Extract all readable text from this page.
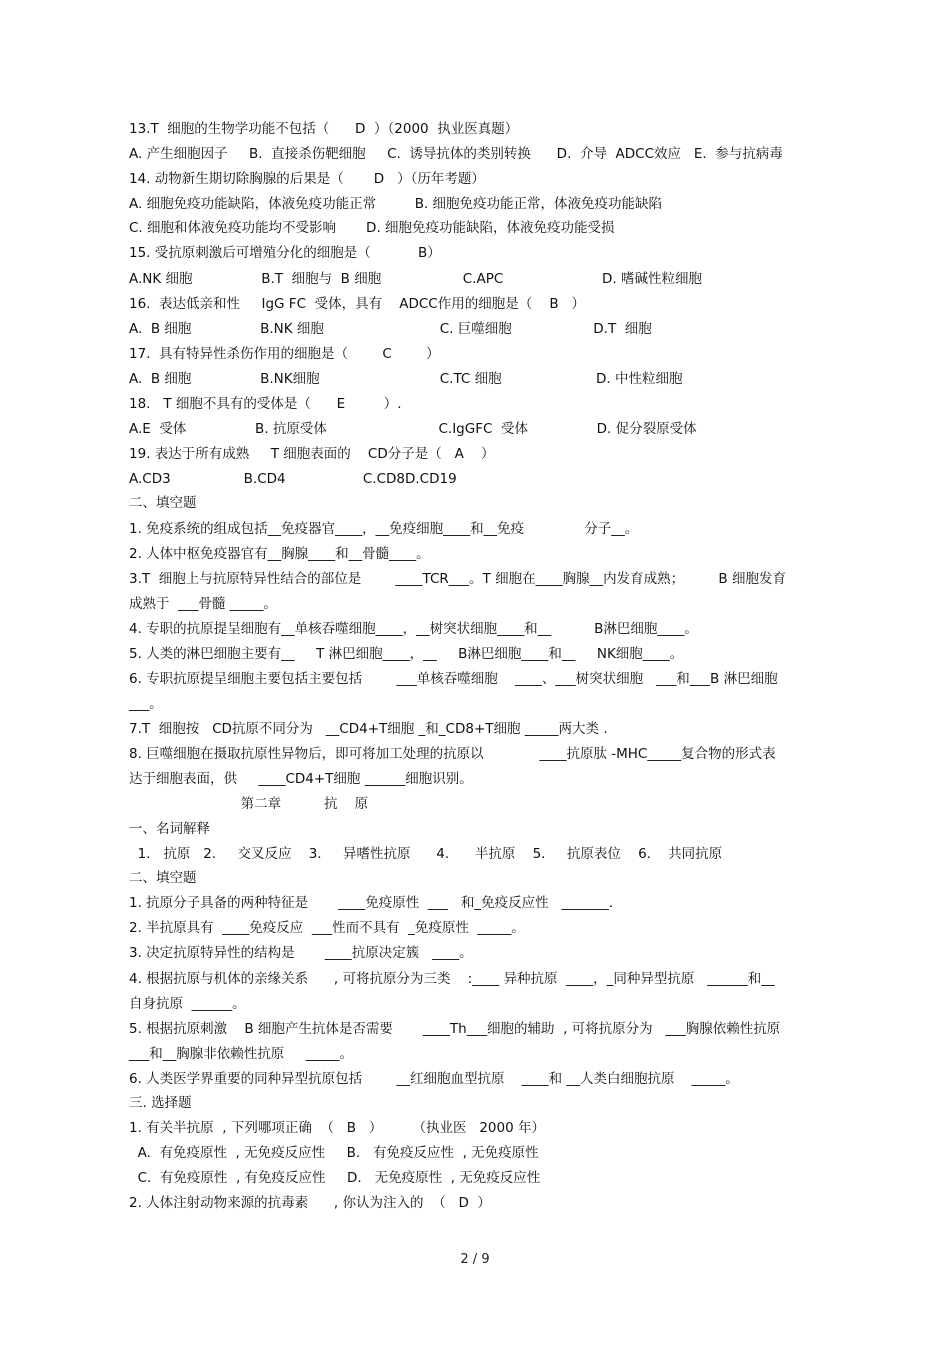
13.T  细胞的生物学功能不包括（      D  ）（2000  执业医真题）
A. 产生细胞因子     B.  直接杀伤靶细胞     C.  诱导抗体的类别转换      D.  介导  ADCC效应   E.  参与抗病毒
14. 动物新生期切除胸腺的后果是（       D   ）（历年考题）
A. 细胞免疫功能缺陷，体液免疫功能正常         B. 细胞免疫功能正常，体液免疫功能缺陷
C. 细胞和体液免疫功能均不受影响       D. 细胞免疫功能缺陷，体液免疫功能受损
15. 受抗原刺激后可增殖分化的细胞是（           B）
A.NK 细胞                B.T  细胞与  B 细胞                   C.APC                       D. 嗜碱性粒细胞
16.  表达低亲和性     IgG FC  受体，具有    ADCC作用的细胞是（    B   ）
A.  B 细胞                B.NK 细胞                           C. 巨噬细胞                   D.T  细胞
17.  具有特异性杀伤作用的细胞是（        C        ）
A.  B 细胞                B.NK细胞                            C.TC 细胞                      D. 中性粒细胞
18.   T 细胞不具有的受体是（      E         ）.
A.E  受体                B. 抗原受体                          C.IgGFC  受体                D. 促分裂原受体
19. 表达于所有成熟     T 细胞表面的    CD分子是（   A    ）
A.CD3                 B.CD4                  C.CD8D.CD19
二、填空题
1. 免疫系统的组成包括__免疫器官____，__免疫细胞____和__免疫              分子__。
2. 人体中枢免疫器官有__胸腺____和__骨髓____。
3.T  细胞上与抗原特异性结合的部位是        ____TCR___。T 细胞在____胸腺__内发育成熟；        B 细胞发育
成熟于  ___骨髓 _____。
4. 专职的抗原提呈细胞有__单核吞噬细胞____，__树突状细胞____和__          B淋巴细胞____。
5. 人类的淋巴细胞主要有__     T 淋巴细胞____，__     B淋巴细胞____和__     NK细胞____。
6. 专职抗原提呈细胞主要包括主要包括        ___单核吞噬细胞    ____、___树突状细胞   ___和___B 淋巴细胞
___。
7.T  细胞按   CD抗原不同分为   __CD4+T细胞 _和_CD8+T细胞 _____两大类 .
8. 巨噬细胞在摄取抗原性异物后，即可将加工处理的抗原以             ____抗原肽 -MHC_____复合物的形式表
达于细胞表面，供     ____CD4+T细胞 ______细胞识别。
第二章          抗    原
一、名词解释
1.   抗原   2.     交叉反应    3.     异嗜性抗原      4.      半抗原    5.     抗原表位    6.    共同抗原
二、填空题
1. 抗原分子具备的两种特征是       ____免疫原性  ___   和_免疫反应性   _______.
2. 半抗原具有  ____免疫反应  ___性而不具有  _免疫原性  _____。
3. 决定抗原特异性的结构是       ____抗原决定簇   ____。
4. 根据抗原与机体的亲缘关系      , 可将抗原分为三类    :____ 异种抗原  ____，_同种异型抗原   ______和__
自身抗原  ______。
5. 根据抗原刺激    B 细胞产生抗体是否需要       ____Th___细胞的辅助  , 可将抗原分为   ___胸腺依赖性抗原
___和__胸腺非依赖性抗原     _____。
6. 人类医学界重要的同种异型抗原包括        __红细胞血型抗原    ____和 __人类白细胞抗原    _____。
三. 选择题
1. 有关半抗原  , 下列哪项正确  （   B   ）       （执业医   2000 年）
A.  有免疫原性  , 无免疫反应性     B.   有免疫反应性  , 无免疫原性
C.  有免疫原性  , 有免疫反应性     D.   无免疫原性  , 无免疫反应性
2. 人体注射动物来源的抗毒素      , 你认为注入的  （   D  ）
2 / 9
